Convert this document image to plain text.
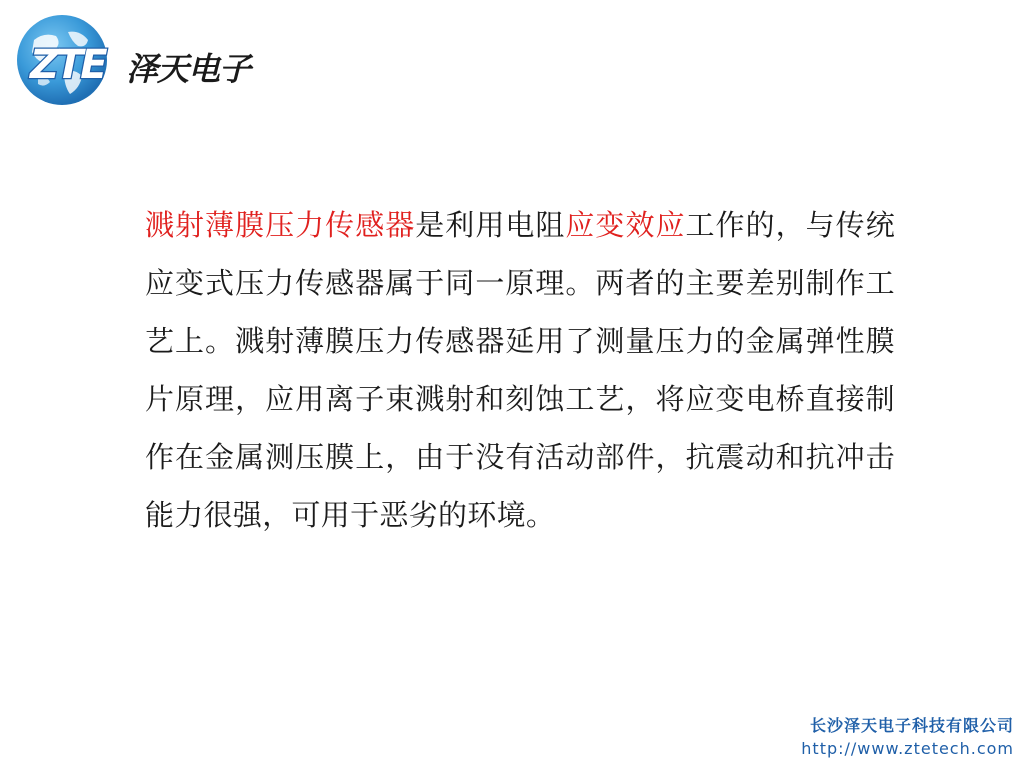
ZTE 泽天电子
溅射薄膜压力传感器是利用电阻应变效应工作的，与传统应变式压力传感器属于同一原理。两者的主要差别制作工艺上。溅射薄膜压力传感器延用了测量压力的金属弹性膜片原理，应用离子束溅射和刻蚀工艺，将应变电桥直接制作在金属测压膜上，由于没有活动部件，抗震动和抗冲击能力很强，可用于恶劣的环境。
长沙泽天电子科技有限公司
http://www.ztetech.com
